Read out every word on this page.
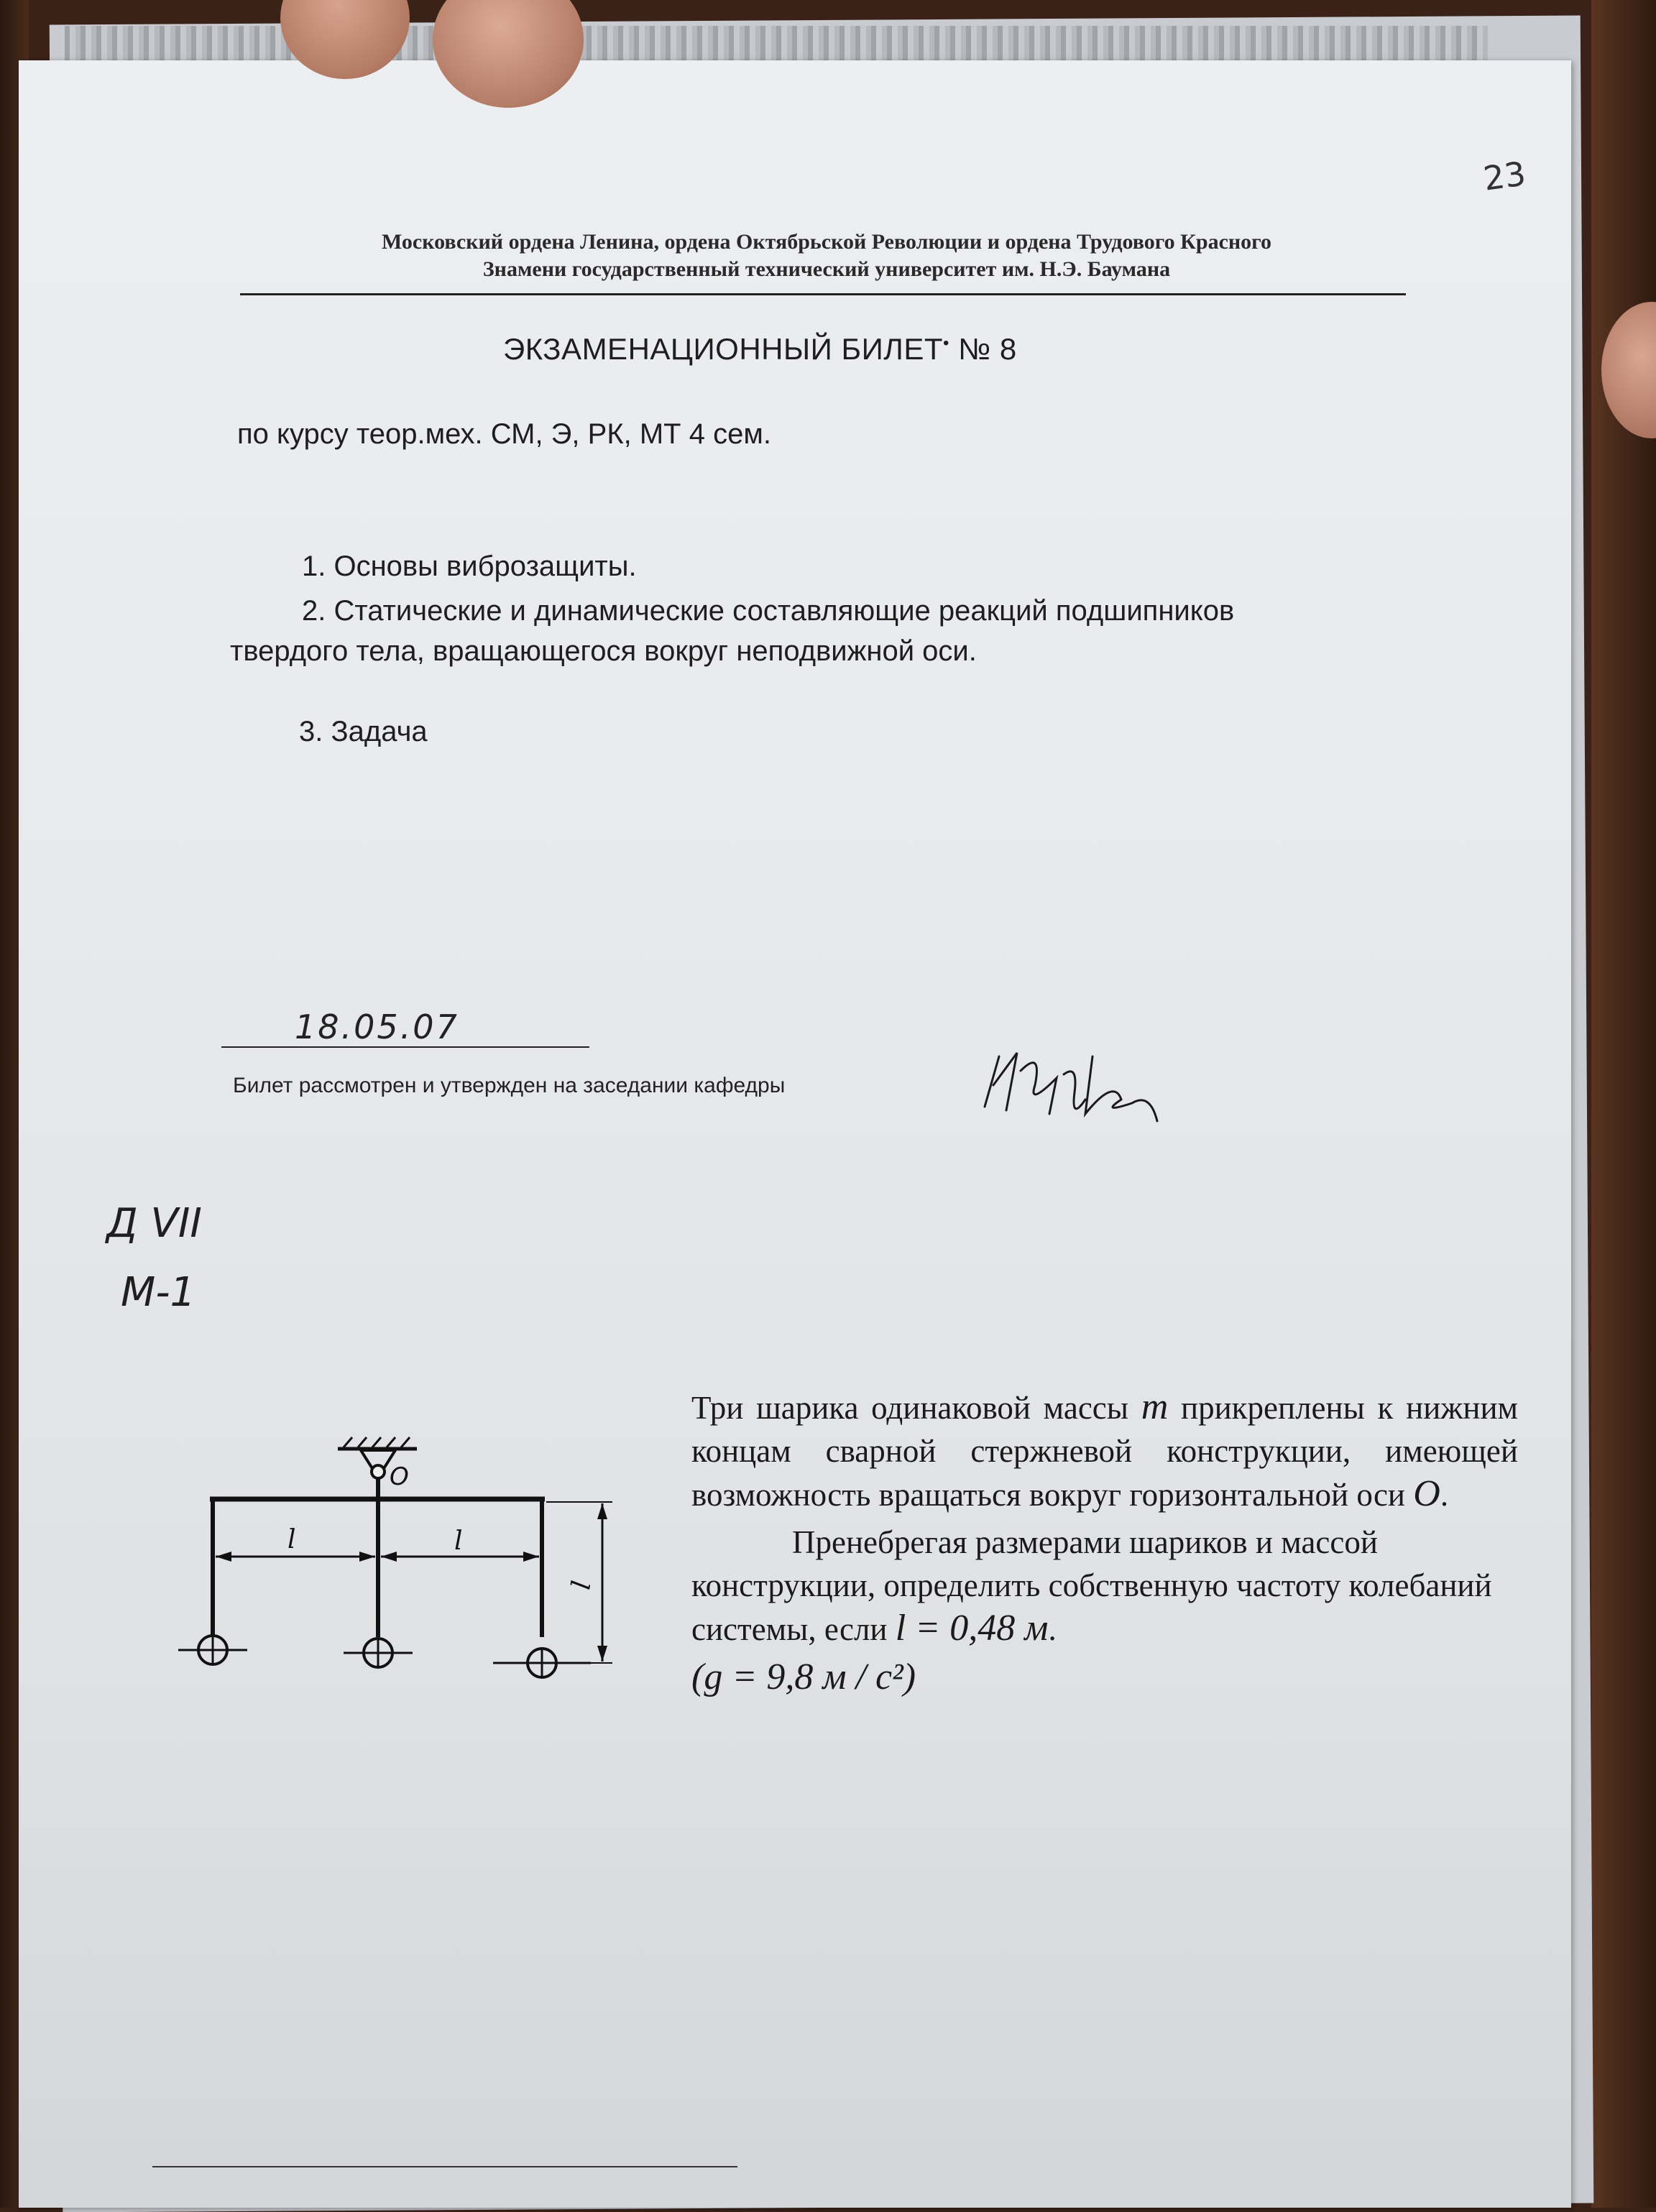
23
Московский ордена Ленина, ордена Октябрьской Революции и ордена Трудового Красного
Знамени государственный технический университет им. Н.Э. Баумана
ЭКЗАМЕНАЦИОННЫЙ БИЛЕТ• № 8
по курсу теор.мех. СМ, Э, РК, МТ 4 сем.
1. Основы виброзащиты.
2. Статические и динамические составляющие реакций подшипников
твердого тела, вращающегося вокруг неподвижной оси.
3. Задача
18.05.07
Билет рассмотрен и утвержден на заседании кафедры
Д VII
М-1
O
l	l
l

Три шарика одинаковой массы m прикреплены к нижним концам сварной стержневой конструкции, имеющей возможность вращаться вокруг горизонтальной оси O.

Пренебрегая размерами шариков и массой конструкции, определить собственную частоту колебаний системы, если l = 0,48 м.

(g = 9,8 м / c²)
